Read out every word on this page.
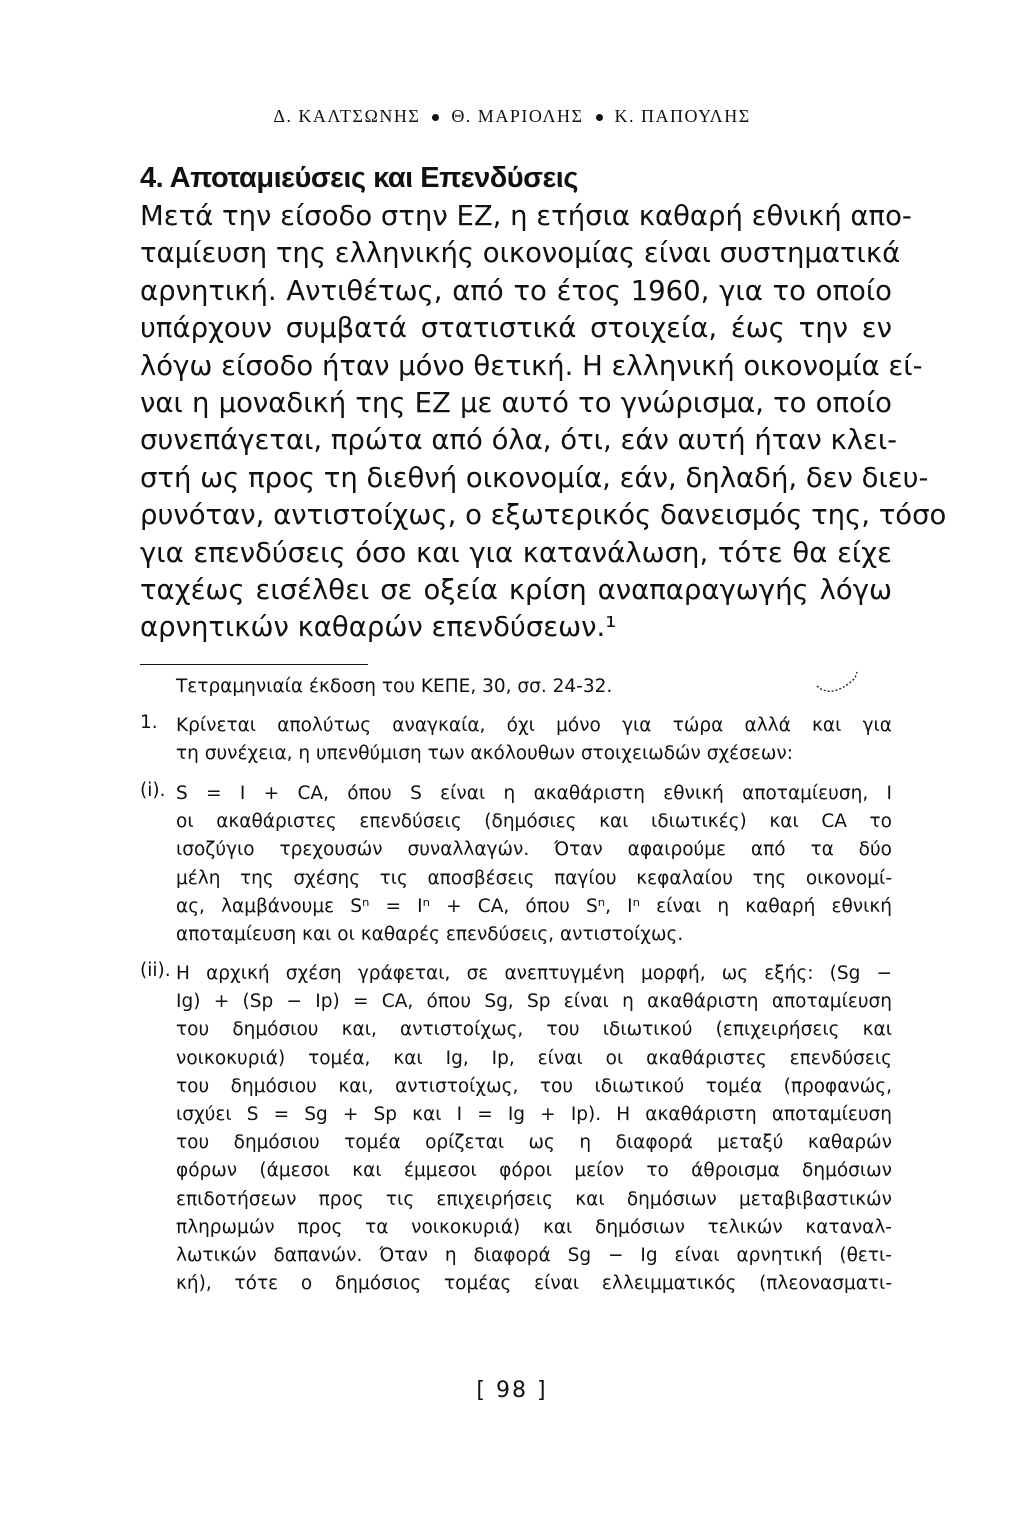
Δ. ΚΑΛΤΣΩΝΗΣ Θ. ΜΑΡΙΟΛΗΣ Κ. ΠΑΠΟΥΛΗΣ
4. Αποταμιεύσεις και Επενδύσεις
Μετά την είσοδο στην ΕΖ, η ετήσια καθαρή εθνική απο-
ταμίευση της ελληνικής οικονομίας είναι συστηματικά
αρνητική. Αντιθέτως, από το έτος 1960, για το οποίο
υπάρχουν συμβατά στατιστικά στοιχεία, έως την εν
λόγω είσοδο ήταν μόνο θετική. Η ελληνική οικονομία εί-
ναι η μοναδική της ΕΖ με αυτό το γνώρισμα, το οποίο
συνεπάγεται, πρώτα από όλα, ότι, εάν αυτή ήταν κλει-
στή ως προς τη διεθνή οικονομία, εάν, δηλαδή, δεν διευ-
ρυνόταν, αντιστοίχως, ο εξωτερικός δανεισμός της, τόσο
για επενδύσεις όσο και για κατανάλωση, τότε θα είχε
ταχέως εισέλθει σε οξεία κρίση αναπαραγωγής λόγω
αρνητικών καθαρών επενδύσεων.¹
Τετραμηνιαία έκδοση του ΚΕΠΕ, 30, σσ. 24-32.
1. Κρίνεται απολύτως αναγκαία, όχι μόνο για τώρα αλλά και για
τη συνέχεια, η υπενθύμιση των ακόλουθων στοιχειωδών σχέσεων:
(i). S = I + CA, όπου S είναι η ακαθάριστη εθνική αποταμίευση, I
οι ακαθάριστες επενδύσεις (δημόσιες και ιδιωτικές) και CA το
ισοζύγιο τρεχουσών συναλλαγών. Όταν αφαιρούμε από τα δύο
μέλη της σχέσης τις αποσβέσεις παγίου κεφαλαίου της οικονομί-
ας, λαμβάνουμε Sⁿ = Iⁿ + CA, όπου Sⁿ, Iⁿ είναι η καθαρή εθνική
αποταμίευση και οι καθαρές επενδύσεις, αντιστοίχως.
(ii). Η αρχική σχέση γράφεται, σε ανεπτυγμένη μορφή, ως εξής: (Sg −
Ig) + (Sp − Ip) = CA, όπου Sg, Sp είναι η ακαθάριστη αποταμίευση
του δημόσιου και, αντιστοίχως, του ιδιωτικού (επιχειρήσεις και
νοικοκυριά) τομέα, και Ig, Ip, είναι οι ακαθάριστες επενδύσεις
του δημόσιου και, αντιστοίχως, του ιδιωτικού τομέα (προφανώς,
ισχύει S = Sg + Sp και I = Ig + Ip). Η ακαθάριστη αποταμίευση
του δημόσιου τομέα ορίζεται ως η διαφορά μεταξύ καθαρών
φόρων (άμεσοι και έμμεσοι φόροι μείον το άθροισμα δημόσιων
επιδοτήσεων προς τις επιχειρήσεις και δημόσιων μεταβιβαστικών
πληρωμών προς τα νοικοκυριά) και δημόσιων τελικών καταναλ-
λωτικών δαπανών. Όταν η διαφορά Sg − Ig είναι αρνητική (θετι-
κή), τότε ο δημόσιος τομέας είναι ελλειμματικός (πλεονασματι-
[ 98 ]
